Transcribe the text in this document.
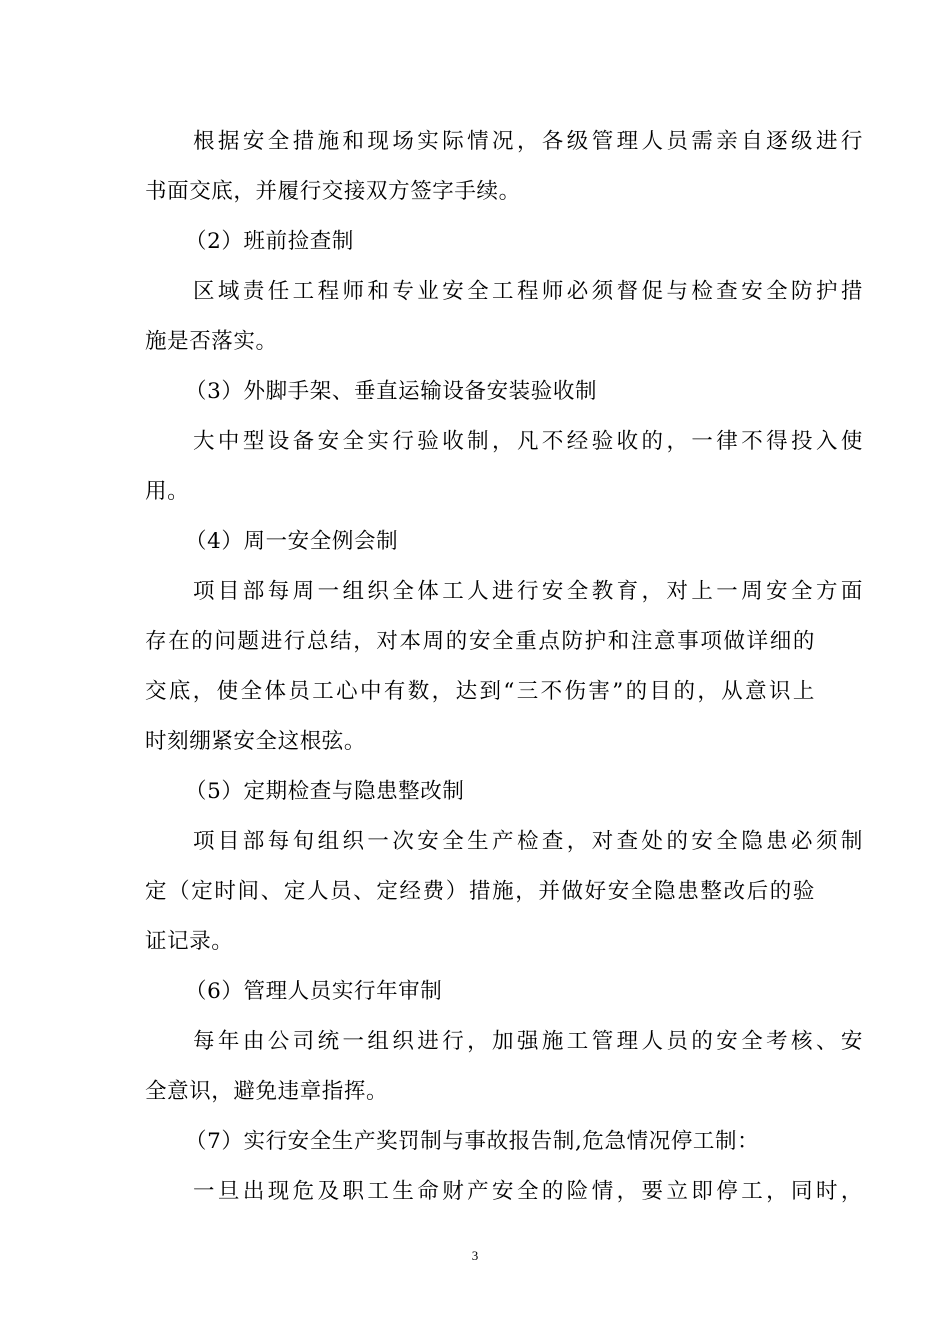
根据安全措施和现场实际情况，各级管理人员需亲自逐级进行
书面交底，并履行交接双方签字手续。
（2）班前捡查制
区域责任工程师和专业安全工程师必须督促与检查安全防护措
施是否落实。
（3）外脚手架、垂直运输设备安装验收制
大中型设备安全实行验收制，凡不经验收的，一律不得投入使
用。
（4）周一安全例会制
项目部每周一组织全体工人进行安全教育，对上一周安全方面
存在的问题进行总结，对本周的安全重点防护和注意事项做详细的
交底，使全体员工心中有数，达到“三不伤害”的目的，从意识上
时刻绷紧安全这根弦。
（5）定期检查与隐患整改制
项目部每旬组织一次安全生产检查，对查处的安全隐患必须制
定（定时间、定人员、定经费）措施，并做好安全隐患整改后的验
证记录。
（6）管理人员实行年审制
每年由公司统一组织进行，加强施工管理人员的安全考核、安
全意识，避免违章指挥。
（7）实行安全生产奖罚制与事故报告制,危急情况停工制：
一旦出现危及职工生命财产安全的险情，要立即停工，同时，
3
